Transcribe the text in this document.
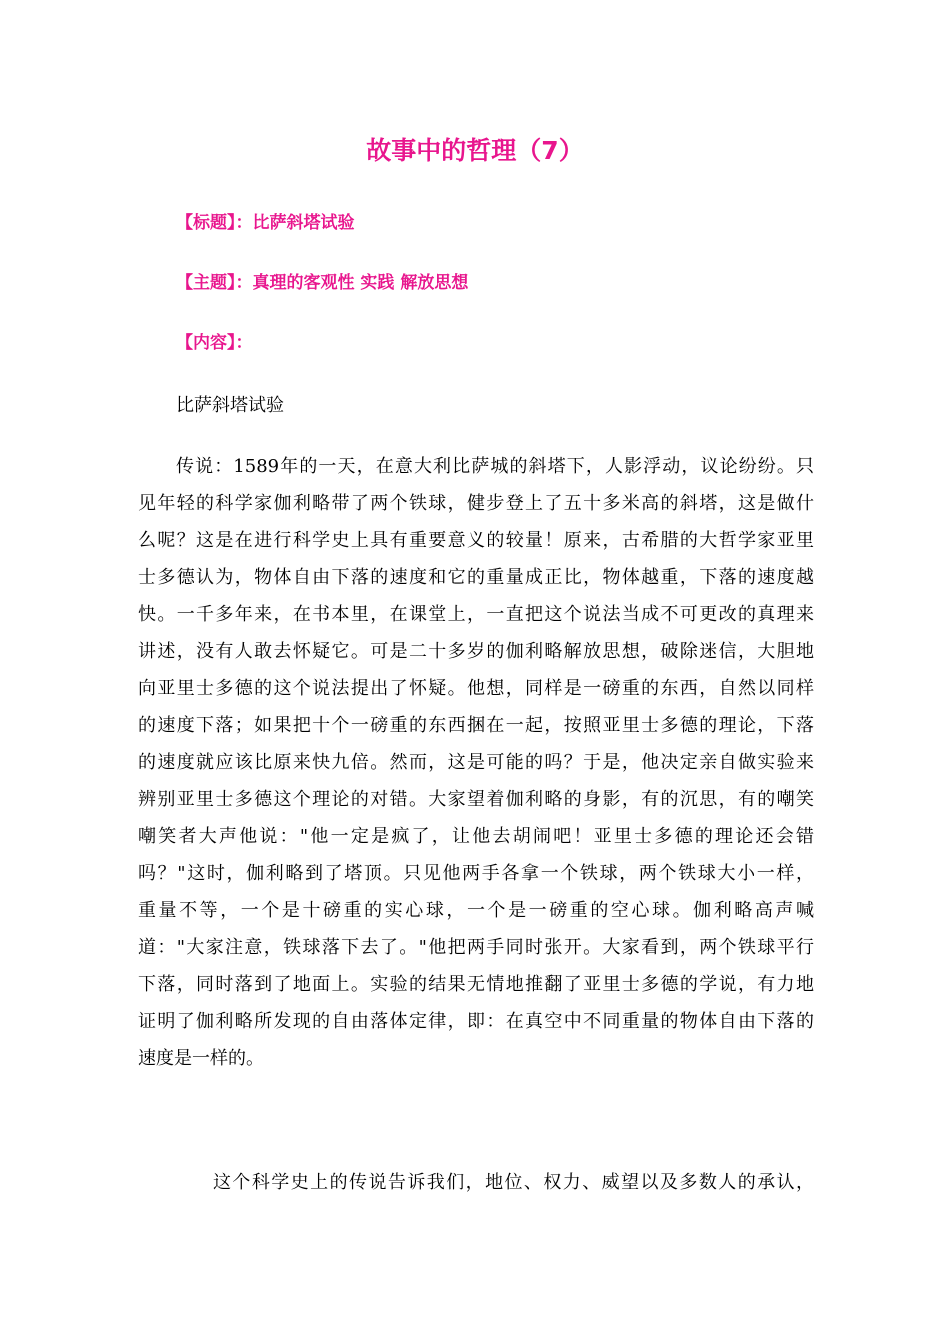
故事中的哲理（7）
【标题】：比萨斜塔试验
【主题】：真理的客观性 实践 解放思想
【内容】：
比萨斜塔试验
传说：1589年的一天，在意大利比萨城的斜塔下，人影浮动，议论纷纷。只
见年轻的科学家伽利略带了两个铁球，健步登上了五十多米高的斜塔，这是做什
么呢？这是在进行科学史上具有重要意义的较量！原来，古希腊的大哲学家亚里
士多德认为，物体自由下落的速度和它的重量成正比，物体越重，下落的速度越
快。一千多年来，在书本里，在课堂上，一直把这个说法当成不可更改的真理来
讲述，没有人敢去怀疑它。可是二十多岁的伽利略解放思想，破除迷信，大胆地
向亚里士多德的这个说法提出了怀疑。他想，同样是一磅重的东西，自然以同样
的速度下落；如果把十个一磅重的东西捆在一起，按照亚里士多德的理论，下落
的速度就应该比原来快九倍。然而，这是可能的吗？于是，他决定亲自做实验来
辨别亚里士多德这个理论的对错。大家望着伽利略的身影，有的沉思，有的嘲笑
嘲笑者大声他说："他一定是疯了，让他去胡闹吧！亚里士多德的理论还会错
吗？"这时，伽利略到了塔顶。只见他两手各拿一个铁球，两个铁球大小一样，
重量不等，一个是十磅重的实心球，一个是一磅重的空心球。伽利略高声喊
道："大家注意，铁球落下去了。"他把两手同时张开。大家看到，两个铁球平行
下落，同时落到了地面上。实验的结果无情地推翻了亚里士多德的学说，有力地
证明了伽利略所发现的自由落体定律，即：在真空中不同重量的物体自由下落的
速度是一样的。
这个科学史上的传说告诉我们，地位、权力、威望以及多数人的承认，
